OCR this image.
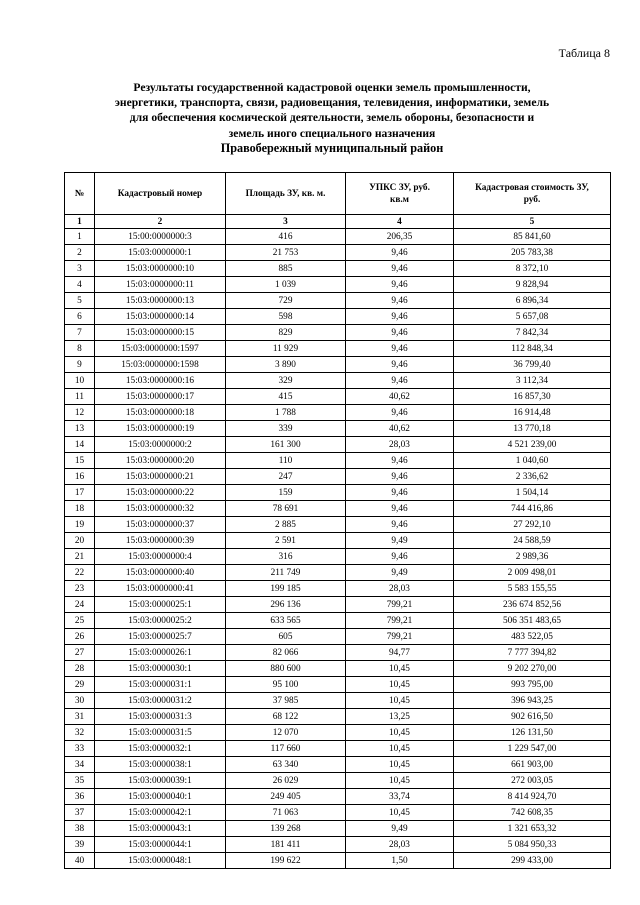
Таблица 8
Результаты государственной кадастровой оценки земель промышленности,
энергетики, транспорта, связи, радиовещания, телевидения, информатики, земель
для обеспечения космической деятельности, земель обороны, безопасности и
земель иного специального назначения
Правобережный муниципальный район
№	Кадастровый номер	Площадь ЗУ, кв. м.	УПКС ЗУ, руб. кв.м	Кадастровая стоимость ЗУ, руб.
1	2	3	4	5
1	15:00:0000000:3	416	206,35	85 841,60
2	15:03:0000000:1	21 753	9,46	205 783,38
3	15:03:0000000:10	885	9,46	8 372,10
4	15:03:0000000:11	1 039	9,46	9 828,94
5	15:03:0000000:13	729	9,46	6 896,34
6	15:03:0000000:14	598	9,46	5 657,08
7	15:03:0000000:15	829	9,46	7 842,34
8	15:03:0000000:1597	11 929	9,46	112 848,34
9	15:03:0000000:1598	3 890	9,46	36 799,40
10	15:03:0000000:16	329	9,46	3 112,34
11	15:03:0000000:17	415	40,62	16 857,30
12	15:03:0000000:18	1 788	9,46	16 914,48
13	15:03:0000000:19	339	40,62	13 770,18
14	15:03:0000000:2	161 300	28,03	4 521 239,00
15	15:03:0000000:20	110	9,46	1 040,60
16	15:03:0000000:21	247	9,46	2 336,62
17	15:03:0000000:22	159	9,46	1 504,14
18	15:03:0000000:32	78 691	9,46	744 416,86
19	15:03:0000000:37	2 885	9,46	27 292,10
20	15:03:0000000:39	2 591	9,49	24 588,59
21	15:03:0000000:4	316	9,46	2 989,36
22	15:03:0000000:40	211 749	9,49	2 009 498,01
23	15:03:0000000:41	199 185	28,03	5 583 155,55
24	15:03:0000025:1	296 136	799,21	236 674 852,56
25	15:03:0000025:2	633 565	799,21	506 351 483,65
26	15:03:0000025:7	605	799,21	483 522,05
27	15:03:0000026:1	82 066	94,77	7 777 394,82
28	15:03:0000030:1	880 600	10,45	9 202 270,00
29	15:03:0000031:1	95 100	10,45	993 795,00
30	15:03:0000031:2	37 985	10,45	396 943,25
31	15:03:0000031:3	68 122	13,25	902 616,50
32	15:03:0000031:5	12 070	10,45	126 131,50
33	15:03:0000032:1	117 660	10,45	1 229 547,00
34	15:03:0000038:1	63 340	10,45	661 903,00
35	15:03:0000039:1	26 029	10,45	272 003,05
36	15:03:0000040:1	249 405	33,74	8 414 924,70
37	15:03:0000042:1	71 063	10,45	742 608,35
38	15:03:0000043:1	139 268	9,49	1 321 653,32
39	15:03:0000044:1	181 411	28,03	5 084 950,33
40	15:03:0000048:1	199 622	1,50	299 433,00
